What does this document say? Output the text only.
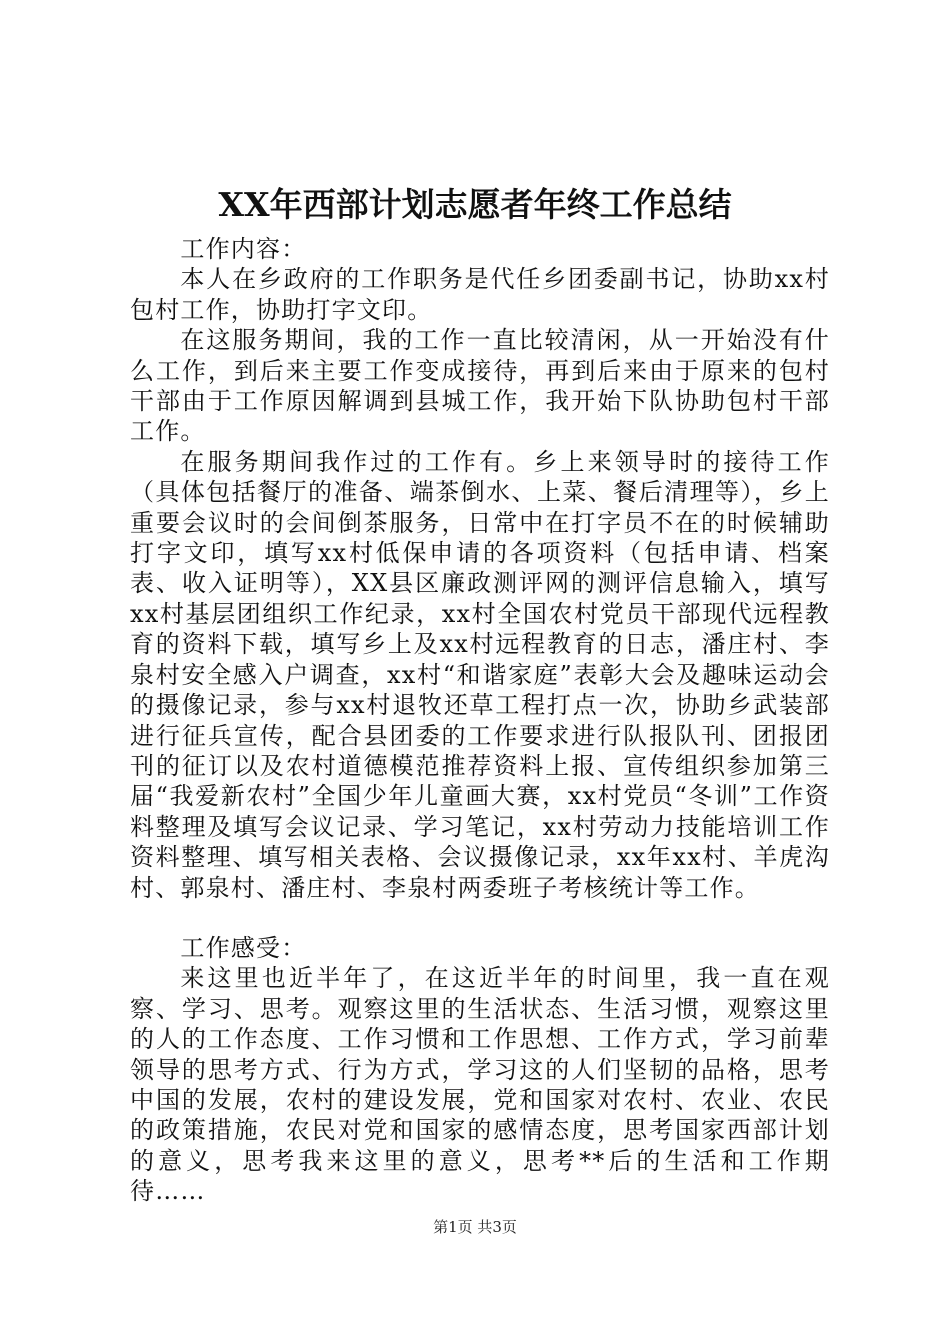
XX年西部计划志愿者年终工作总结

工作内容：

本人在乡政府的工作职务是代任乡团委副书记，协助xx村包村工作，协助打字文印。

在这服务期间，我的工作一直比较清闲，从一开始没有什么工作，到后来主要工作变成接待，再到后来由于原来的包村干部由于工作原因解调到县城工作，我开始下队协助包村干部工作。

在服务期间我作过的工作有。乡上来领导时的接待工作（具体包括餐厅的准备、端茶倒水、上菜、餐后清理等），乡上重要会议时的会间倒茶服务，日常中在打字员不在的时候辅助打字文印，填写xx村低保申请的各项资料（包括申请、档案表、收入证明等），XX县区廉政测评网的测评信息输入，填写xx村基层团组织工作纪录，xx村全国农村党员干部现代远程教育的资料下载，填写乡上及xx村远程教育的日志，潘庄村、李泉村安全感入户调查，xx村“和谐家庭”表彰大会及趣味运动会的摄像记录，参与xx村退牧还草工程打点一次，协助乡武装部进行征兵宣传，配合县团委的工作要求进行队报队刊、团报团刊的征订以及农村道德模范推荐资料上报、宣传组织参加第三届“我爱新农村”全国少年儿童画大赛，xx村党员“冬训”工作资料整理及填写会议记录、学习笔记，xx村劳动力技能培训工作资料整理、填写相关表格、会议摄像记录，xx年xx村、羊虎沟村、郭泉村、潘庄村、李泉村两委班子考核统计等工作。

工作感受：

来这里也近半年了，在这近半年的时间里，我一直在观察、学习、思考。观察这里的生活状态、生活习惯，观察这里的人的工作态度、工作习惯和工作思想、工作方式，学习前辈领导的思考方式、行为方式，学习这的人们坚韧的品格，思考中国的发展，农村的建设发展，党和国家对农村、农业、农民的政策措施，农民对党和国家的感情态度，思考国家西部计划的意义，思考我来这里的意义，思考**后的生活和工作期待……

第1页 共3页
